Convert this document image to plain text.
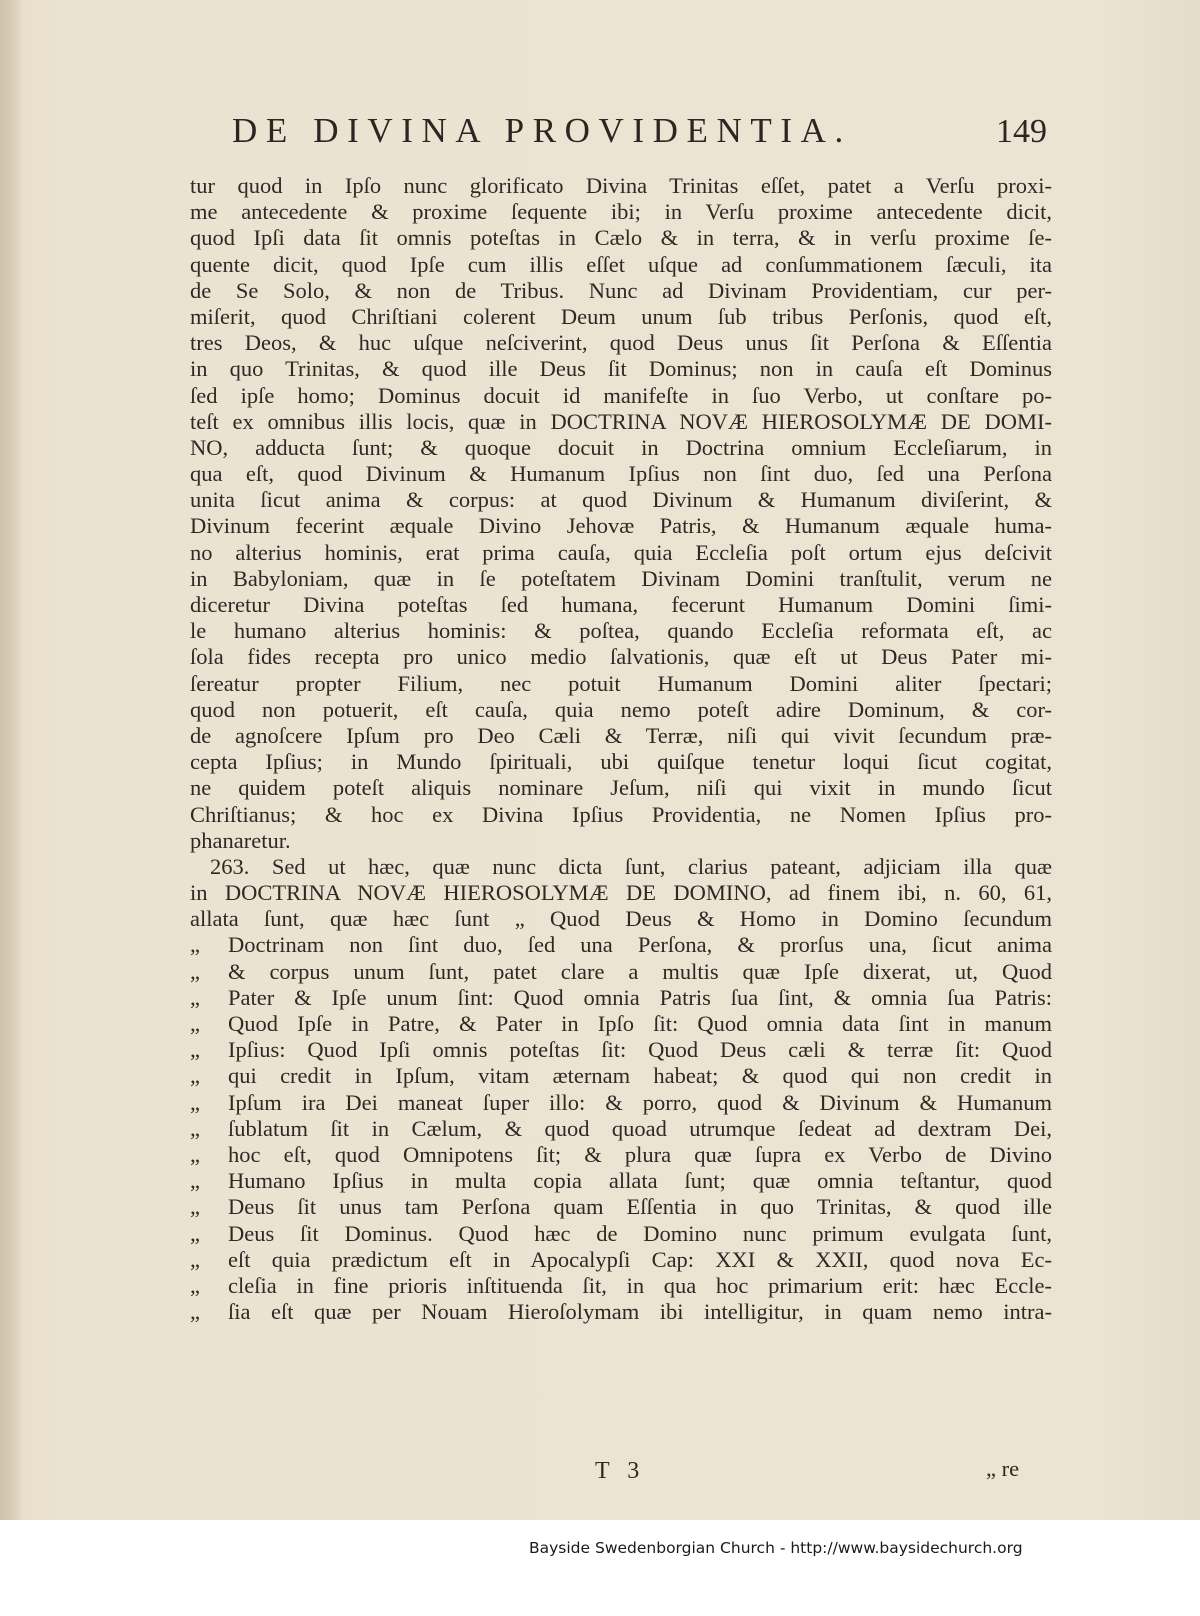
DE DIVINA PROVIDENTIA.	149
tur quod in Ipſo nunc glorificato Divina Trinitas eſſet, patet a Verſu proxi-
me antecedente & proxime ſequente ibi; in Verſu proxime antecedente dicit,
quod Ipſi data ſit omnis poteſtas in Cælo & in terra, & in verſu proxime ſe-
quente dicit, quod Ipſe cum illis eſſet uſque ad conſummationem ſæculi, ita
de Se Solo, & non de Tribus. Nunc ad Divinam Providentiam, cur per-
miſerit, quod Chriſtiani colerent Deum unum ſub tribus Perſonis, quod eſt,
tres Deos, & huc uſque neſciverint, quod Deus unus ſit Perſona & Eſſentia
in quo Trinitas, & quod ille Deus ſit Dominus; non in cauſa eſt Dominus
ſed ipſe homo; Dominus docuit id manifeſte in ſuo Verbo, ut conſtare po-
teſt ex omnibus illis locis, quæ in DOCTRINA NOVÆ HIEROSOLYMÆ DE DOMI-
NO, adducta ſunt; & quoque docuit in Doctrina omnium Eccleſiarum, in
qua eſt, quod Divinum & Humanum Ipſius non ſint duo, ſed una Perſona
unita ſicut anima & corpus: at quod Divinum & Humanum diviſerint, &
Divinum fecerint æquale Divino Jehovæ Patris, & Humanum æquale huma-
no alterius hominis, erat prima cauſa, quia Eccleſia poſt ortum ejus deſcivit
in Babyloniam, quæ in ſe poteſtatem Divinam Domini tranſtulit, verum ne
diceretur Divina poteſtas ſed humana, fecerunt Humanum Domini ſimi-
le humano alterius hominis: & poſtea, quando Eccleſia reformata eſt, ac
ſola fides recepta pro unico medio ſalvationis, quæ eſt ut Deus Pater mi-
ſereatur propter Filium, nec potuit Humanum Domini aliter ſpectari;
quod non potuerit, eſt cauſa, quia nemo poteſt adire Dominum, & cor-
de agnoſcere Ipſum pro Deo Cæli & Terræ, niſi qui vivit ſecundum præ-
cepta Ipſius; in Mundo ſpirituali, ubi quiſque tenetur loqui ſicut cogitat,
ne quidem poteſt aliquis nominare Jeſum, niſi qui vixit in mundo ſicut
Chriſtianus; & hoc ex Divina Ipſius Providentia, ne Nomen Ipſius pro-
phanaretur.
263. Sed ut hæc, quæ nunc dicta ſunt, clarius pateant, adjiciam illa quæ
in DOCTRINA NOVÆ HIEROSOLYMÆ DE DOMINO, ad finem ibi, n. 60, 61,
allata ſunt, quæ hæc ſunt „ Quod Deus & Homo in Domino ſecundum
„ Doctrinam non ſint duo, ſed una Perſona, & prorſus una, ſicut anima
„ & corpus unum ſunt, patet clare a multis quæ Ipſe dixerat, ut, Quod
„ Pater & Ipſe unum ſint: Quod omnia Patris ſua ſint, & omnia ſua Patris:
„ Quod Ipſe in Patre, & Pater in Ipſo ſit: Quod omnia data ſint in manum
„ Ipſius: Quod Ipſi omnis poteſtas ſit: Quod Deus cæli & terræ ſit: Quod
„ qui credit in Ipſum, vitam æternam habeat; & quod qui non credit in
„ Ipſum ira Dei maneat ſuper illo: & porro, quod & Divinum & Humanum
„ ſublatum ſit in Cælum, & quod quoad utrumque ſedeat ad dextram Dei,
„ hoc eſt, quod Omnipotens ſit; & plura quæ ſupra ex Verbo de Divino
„ Humano Ipſius in multa copia allata ſunt; quæ omnia teſtantur, quod
„ Deus ſit unus tam Perſona quam Eſſentia in quo Trinitas, & quod ille
„ Deus ſit Dominus. Quod hæc de Domino nunc primum evulgata ſunt,
„ eſt quia prædictum eſt in Apocalypſi Cap: XXI & XXII, quod nova Ec-
„ cleſia in fine prioris inſtituenda ſit, in qua hoc primarium erit: hæc Eccle-
„ ſia eſt quæ per Nouam Hieroſolymam ibi intelligitur, in quam nemo intra-
T 3	„ re
Bayside Swedenborgian Church - http://www.baysidechurch.org
